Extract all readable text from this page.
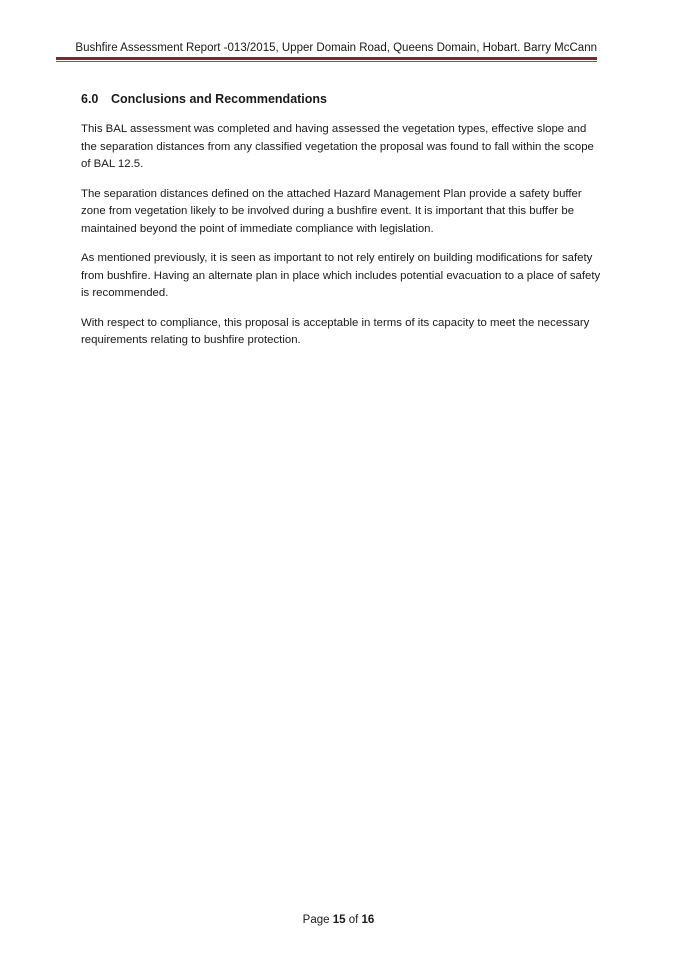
Bushfire Assessment Report -013/2015, Upper Domain Road, Queens Domain, Hobart. Barry McCann
6.0 Conclusions and Recommendations

This BAL assessment was completed and having assessed the vegetation types, effective slope and the separation distances from any classified vegetation the proposal was found to fall within the scope of BAL 12.5.

The separation distances defined on the attached Hazard Management Plan provide a safety buffer zone from vegetation likely to be involved during a bushfire event. It is important that this buffer be maintained beyond the point of immediate compliance with legislation.

As mentioned previously, it is seen as important to not rely entirely on building modifications for safety from bushfire. Having an alternate plan in place which includes potential evacuation to a place of safety is recommended.

With respect to compliance, this proposal is acceptable in terms of its capacity to meet the necessary requirements relating to bushfire protection.

Page 15 of 16
